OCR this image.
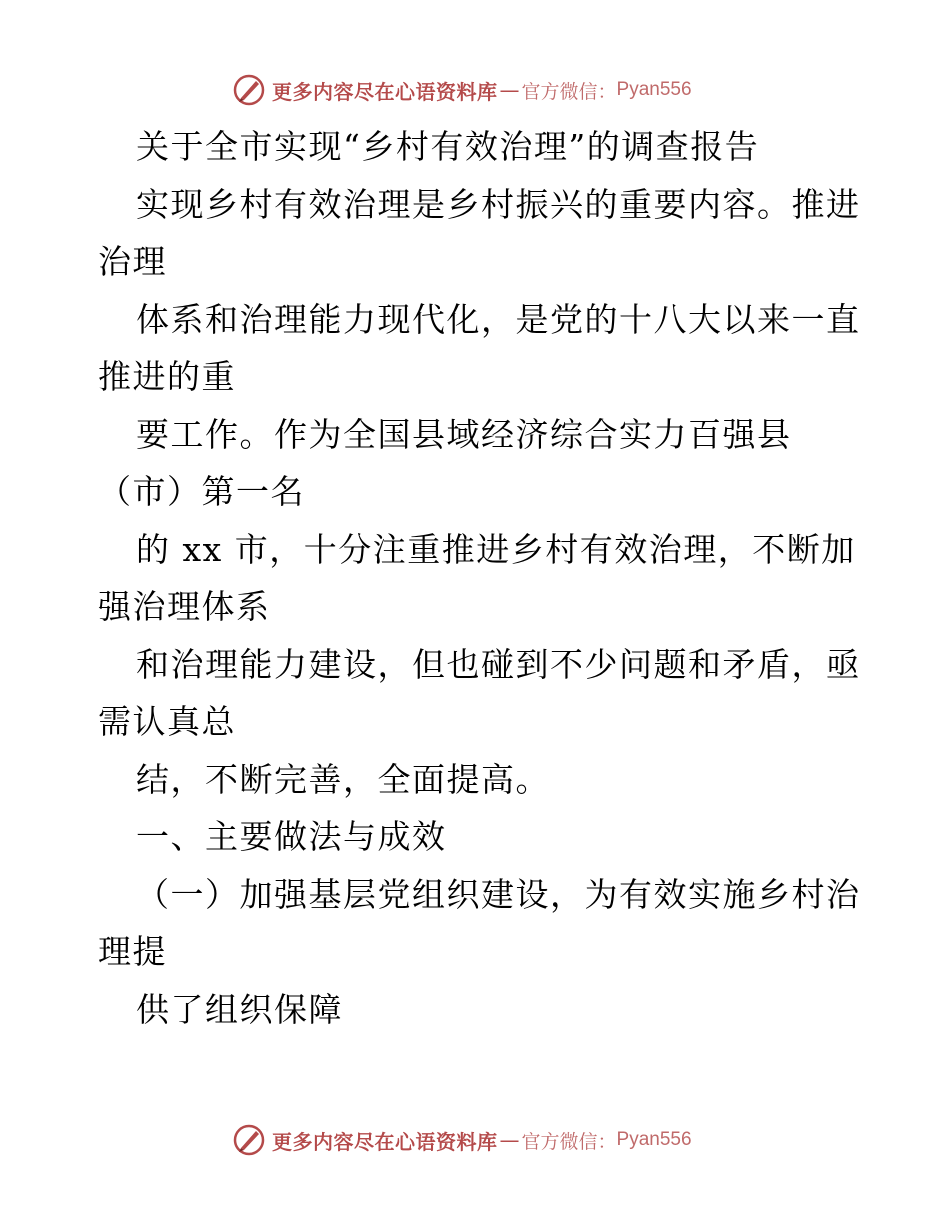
更多内容尽在心语资料库 — 官方微信： Pyan556
关于全市实现“乡村有效治理”的调查报告
实现乡村有效治理是乡村振兴的重要内容。推进
治理
体系和治理能力现代化，是党的十八大以来一直
推进的重
要工作。作为全国县域经济综合实力百强县
（市）第一名
的 xx 市，十分注重推进乡村有效治理，不断加
强治理体系
和治理能力建设，但也碰到不少问题和矛盾，亟
需认真总
结，不断完善，全面提高。
一、主要做法与成效
（一）加强基层党组织建设，为有效实施乡村治
理提
供了组织保障
更多内容尽在心语资料库 — 官方微信： Pyan556
